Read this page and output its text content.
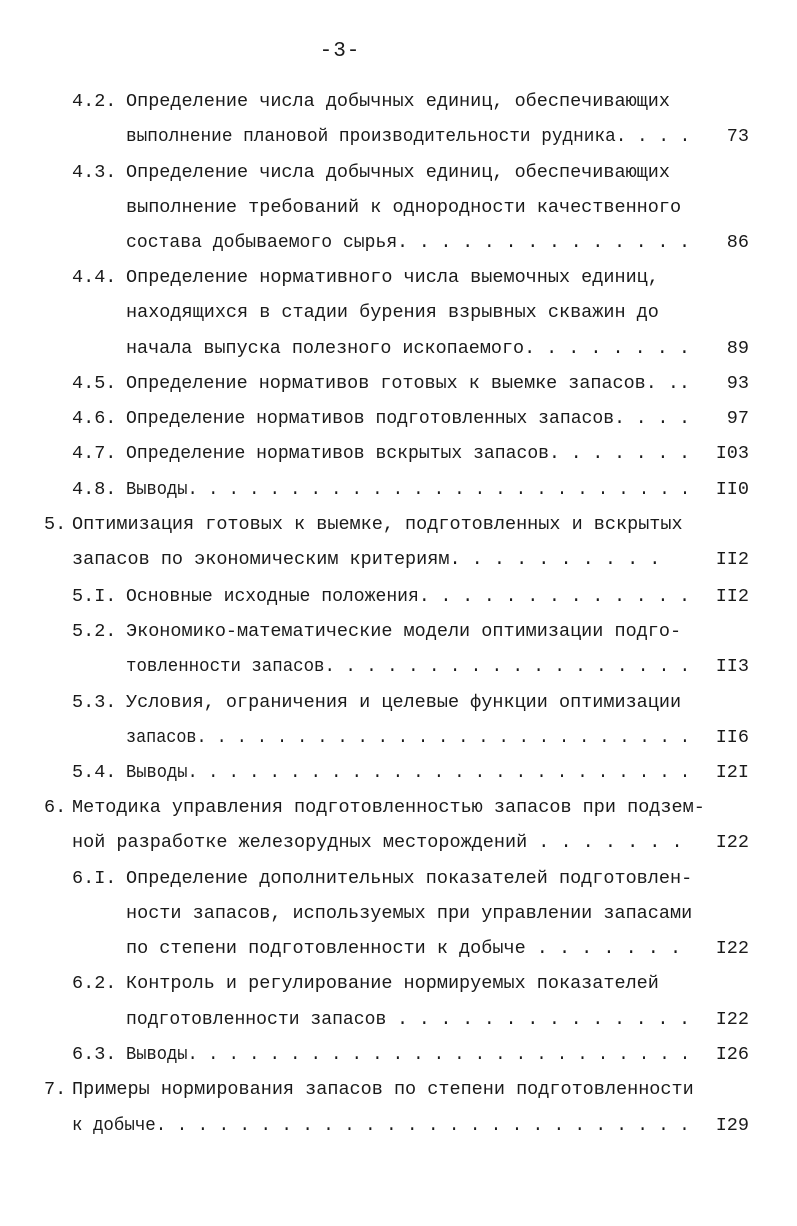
-3-
4.2. Определение числа добычных единиц, обеспечивающих
выполнение плановой производительности рудника. . . .	73
4.3. Определение числа добычных единиц, обеспечивающих
выполнение требований к однородности качественного
состава добываемого сырья. . . . . . . . . . . . . .	86
4.4. Определение нормативного числа выемочных единиц,
находящихся в стадии бурения взрывных скважин до
начала выпуска полезного ископаемого. . . . . . . .	89
4.5. Определение нормативов готовых к выемке запасов. ..	93
4.6. Определение нормативов подготовленных запасов. . . .	97
4.7. Определение нормативов вскрытых запасов. . . . . . .	I03
4.8. Выводы. . . . . . . . . . . . . . . . . . . . . . . . .	II0
5. Оптимизация готовых к выемке, подготовленных и вскрытых
запасов по экономическим критериям. . . . . . . . . .	II2
5.I. Основные исходные положения. . . . . . . . . . . . .	II2
5.2. Экономико-математические модели оптимизации подго-
товленности запасов. . . . . . . . . . . . . . . . . .	II3
5.3. Условия, ограничения и целевые функции оптимизации
запасов. . . . . . . . . . . . . . . . . . . . . . . . .	II6
5.4. Выводы. . . . . . . . . . . . . . . . . . . . . . . . .	I2I
6. Методика управления подготовленностью запасов при подзем-
ной разработке железорудных месторождений . . . . . . .	I22
6.I. Определение дополнительных показателей подготовлен-
ности запасов, используемых при управлении запасами
по степени подготовленности к добыче . . . . . . .	I22
6.2. Контроль и регулирование нормируемых показателей
подготовленности запасов . . . . . . . . . . . . . .	I22
6.3. Выводы. . . . . . . . . . . . . . . . . . . . . . . . .	I26
7. Примеры нормирования запасов по степени подготовленности
к добыче. . . . . . . . . . . . . . . . . . . . . . . . . .	I29
